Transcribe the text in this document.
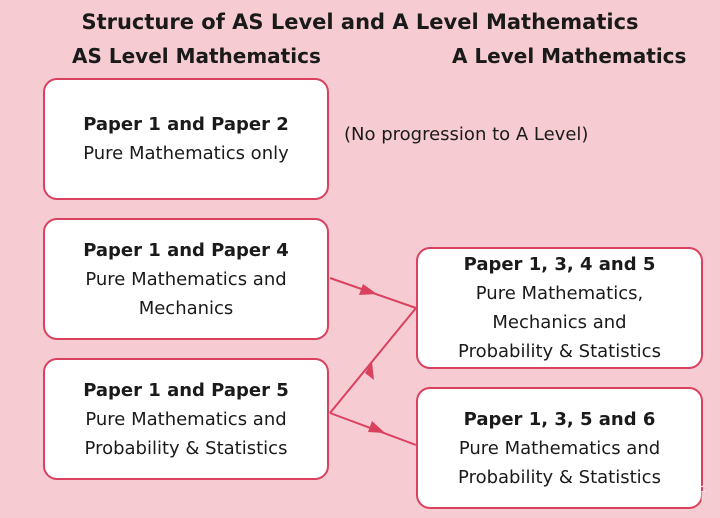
Structure of AS Level and A Level Mathematics
AS Level Mathematics	A Level Mathematics
Paper 1 and Paper 2
Pure Mathematics only
Paper 1 and Paper 4
Pure Mathematics and
Mechanics
Paper 1 and Paper 5
Pure Mathematics and
Probability & Statistics
(No progression to A Level)
Paper 1, 3, 4 and 5
Pure Mathematics,
Mechanics and
Probability & Statistics
Paper 1, 3, 5 and 6
Pure Mathematics and
Probability & Statistics
知乎 @无务大分析
